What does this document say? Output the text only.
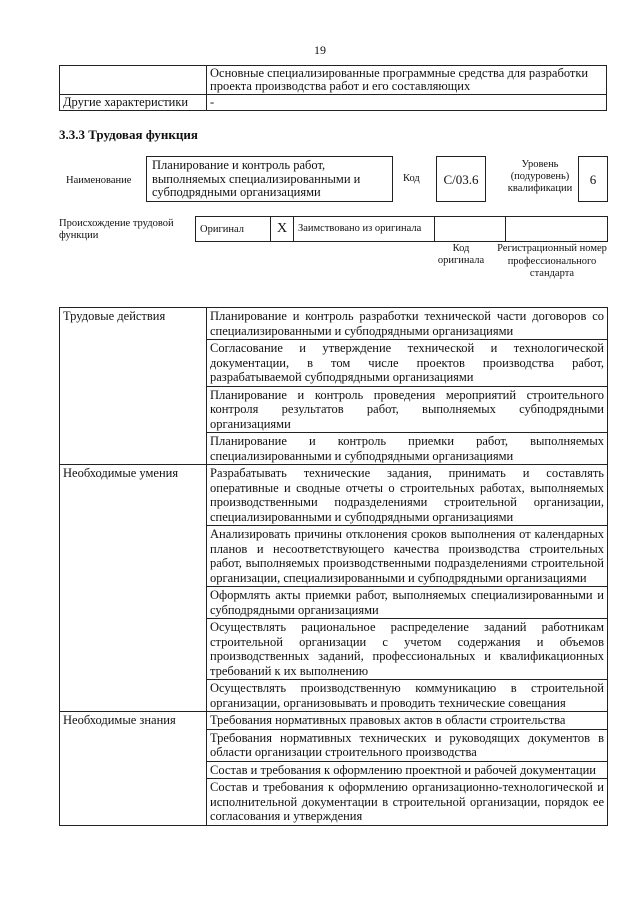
19
	Основные специализированные программные средства для разработки проекта производства работ и его составляющих
Другие характеристики	-
3.3.3 Трудовая функция
Наименование
Планирование и контроль работ, выполняемых специализированными и субподрядными организациями
Код	C/03.6
Уровень (подуровень) квалификации
6
Происхождение трудовой функции
Оригинал	X	Заимствовано из оригинала		
Код оригинала
Регистрационный номер профессионального стандарта
Трудовые действия	Планирование и контроль разработки технической части договоров со специализированными и субподрядными организациями
	Согласование и утверждение технической и технологической документации, в том числе проектов производства работ, разрабатываемой субподрядными организациями
	Планирование и контроль проведения мероприятий строительного контроля результатов работ, выполняемых субподрядными организациями
	Планирование и контроль приемки работ, выполняемых специализированными и субподрядными организациями
Необходимые умения	Разрабатывать технические задания, принимать и составлять оперативные и сводные отчеты о строительных работах, выполняемых производственными подразделениями строительной организации, специализированными и субподрядными организациями
	Анализировать причины отклонения сроков выполнения от календарных планов и несоответствующего качества производства строительных работ, выполняемых производственными подразделениями строительной организации, специализированными и субподрядными организациями
	Оформлять акты приемки работ, выполняемых специализированными и субподрядными организациями
	Осуществлять рациональное распределение заданий работникам строительной организации с учетом содержания и объемов производственных заданий, профессиональных и квалификационных требований к их выполнению
	Осуществлять производственную коммуникацию в строительной организации, организовывать и проводить технические совещания
Необходимые знания	Требования нормативных правовых актов в области строительства
	Требования нормативных технических и руководящих документов в области организации строительного производства
	Состав и требования к оформлению проектной и рабочей документации
	Состав и требования к оформлению организационно-технологической и исполнительной документации в строительной организации, порядок ее согласования и утверждения
